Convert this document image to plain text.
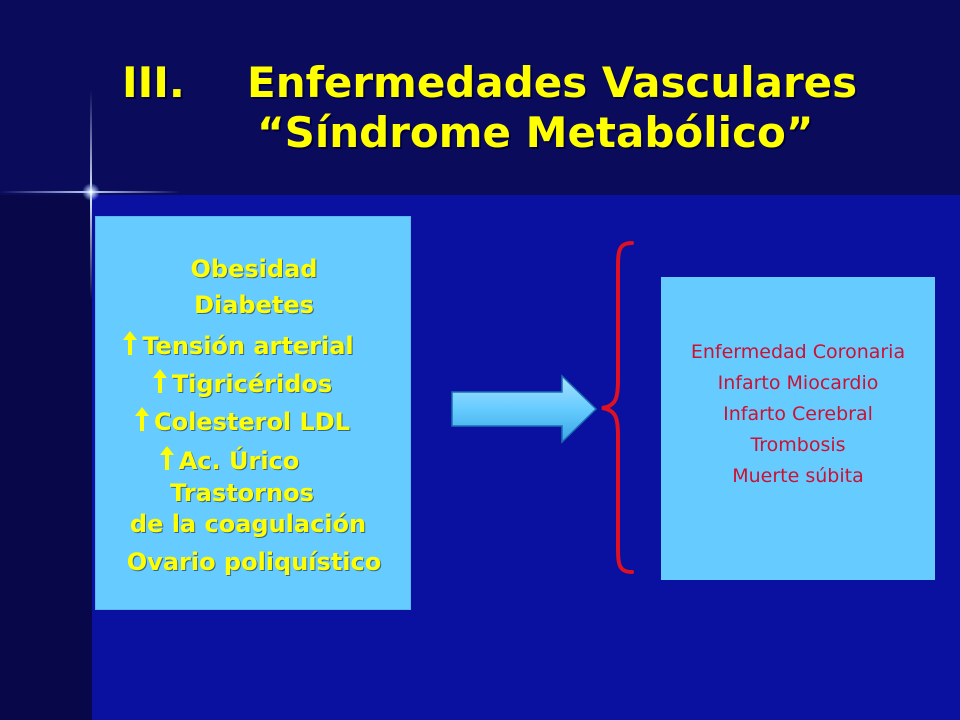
III.	Enfermedades Vasculares
“Síndrome Metabólico”
Obesidad
Diabetes
Tensión arterial
Tigricéridos
Colesterol LDL
Ac. Úrico
Trastornos
de la coagulación
Ovario poliquístico
Enfermedad Coronaria
Infarto Miocardio
Infarto Cerebral
Trombosis
Muerte súbita
